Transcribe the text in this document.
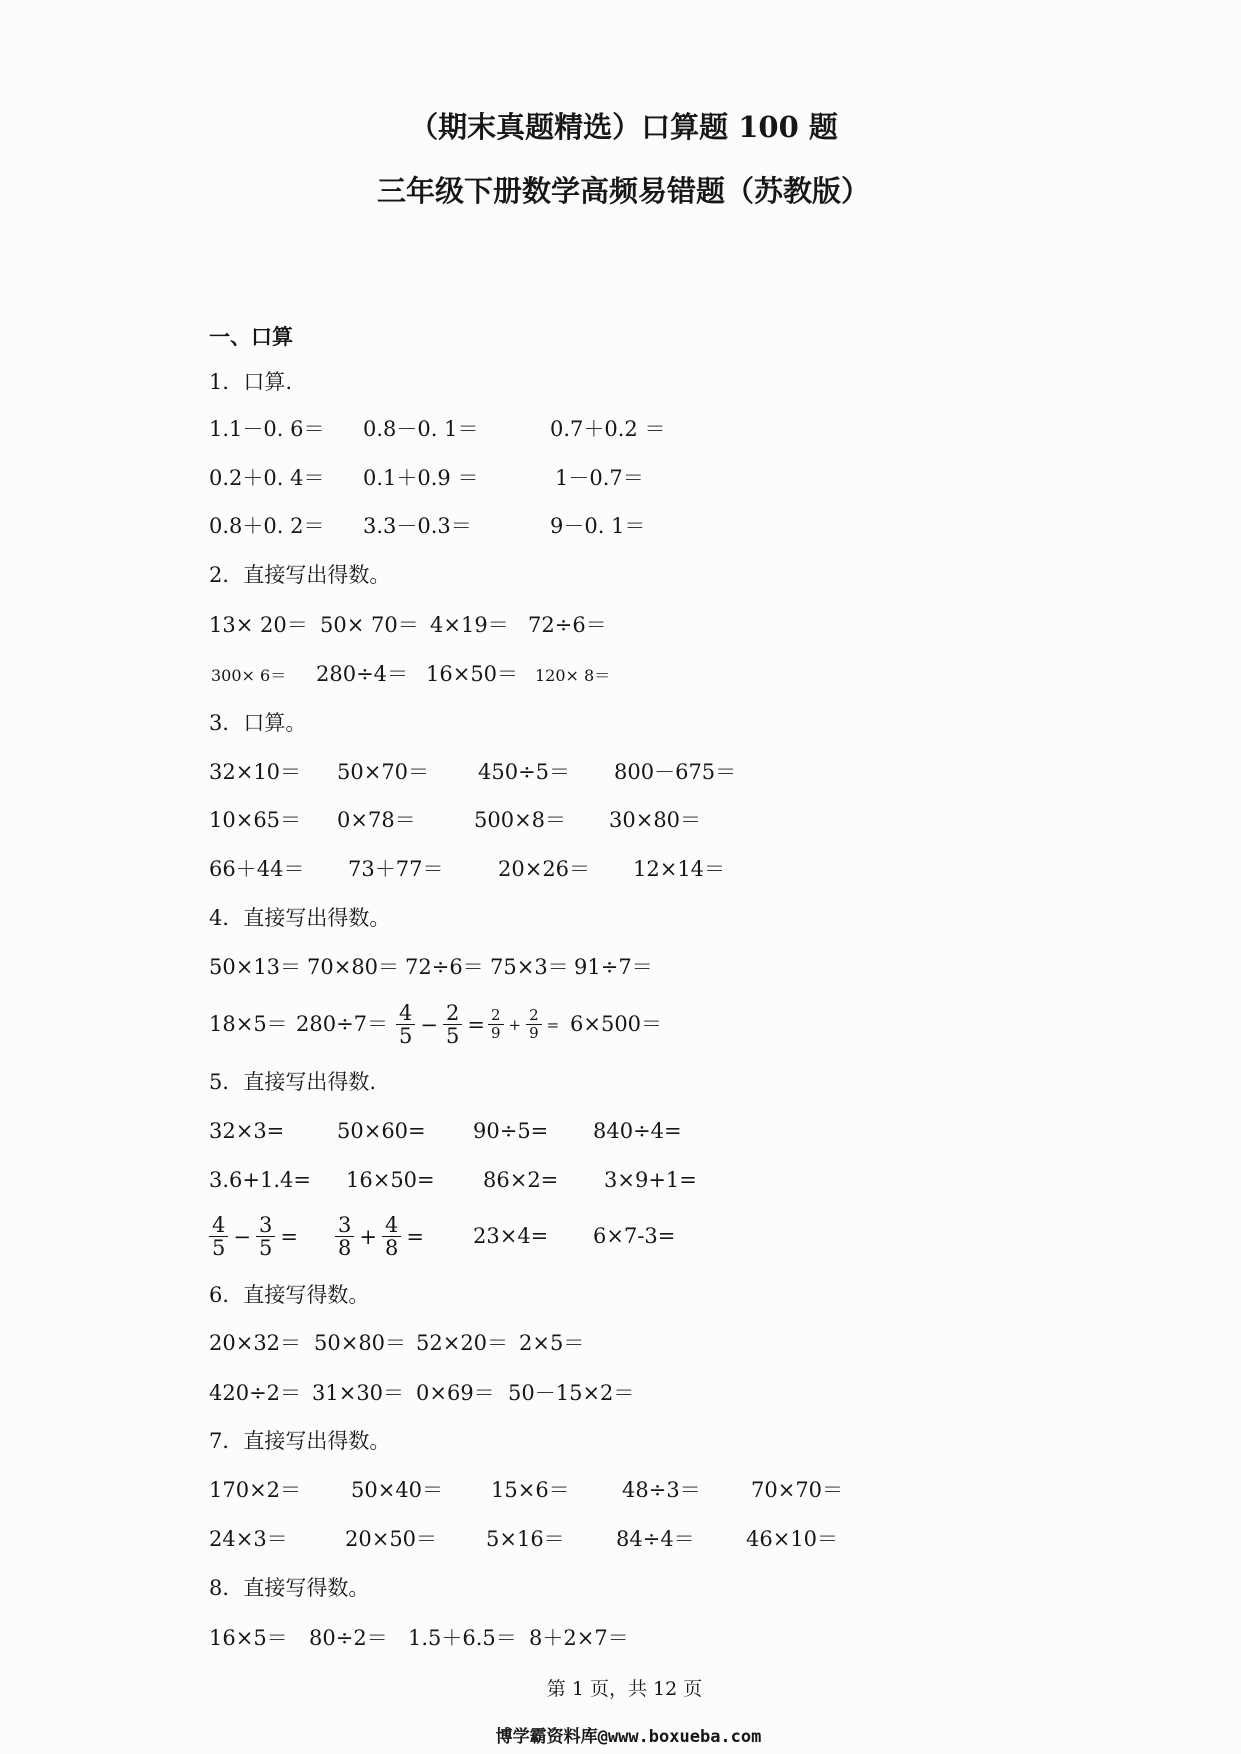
（期末真题精选）口算题 100 题
三年级下册数学高频易错题（苏教版）
一、口算
1．口算.
1.1－0. 6＝ 0.8－0. 1＝	0.7＋0.2 ＝
0.2＋0. 4＝ 0.1＋0.9 ＝	1－0.7＝
0.8＋0. 2＝ 3.3－0.3＝	9－0. 1＝
2．直接写出得数。
13× 20＝ 50× 70＝ 4×19＝ 72÷6＝
300× 6＝ 280÷4＝ 16×50＝ 120× 8＝
3．口算。
32×10＝ 50×70＝ 450÷5＝ 800－675＝
10×65＝ 0×78＝	500×8＝ 30×80＝
66＋44＝ 73＋77＝	20×26＝ 12×14＝
4．直接写出得数。
50×13＝ 70×80＝ 72÷6＝ 75×3＝ 91÷7＝
$18\times 5= 280\div 7= \frac{4}{5} - \frac{2}{5} = \frac{2}{9} + \frac{2}{9} = 6\times 500=$
5．直接写出得数.
32×3=	50×60= 90÷5= 840÷4=
3.6+1.4= 16×50= 86×2= 3×9+1=
$\frac{4}{5} - \frac{3}{5} = \frac{3}{8} + \frac{4}{8} = 23\times 4= 6\times 7-3=$
6．直接写得数。
20×32＝ 50×80＝ 52×20＝ 2×5＝
420÷2＝ 31×30＝ 0×69＝ 50－15×2＝
7．直接写出得数。
170×2＝ 50×40＝ 15×6＝ 48÷3＝ 70×70＝
24×3＝	20×50＝ 5×16＝ 84÷4＝ 46×10＝
8．直接写得数。
16×5＝ 80÷2＝ 1.5＋6.5＝ 8＋2×7＝
第 1 页，共 12 页
博学霸资料库@www.boxueba.com
